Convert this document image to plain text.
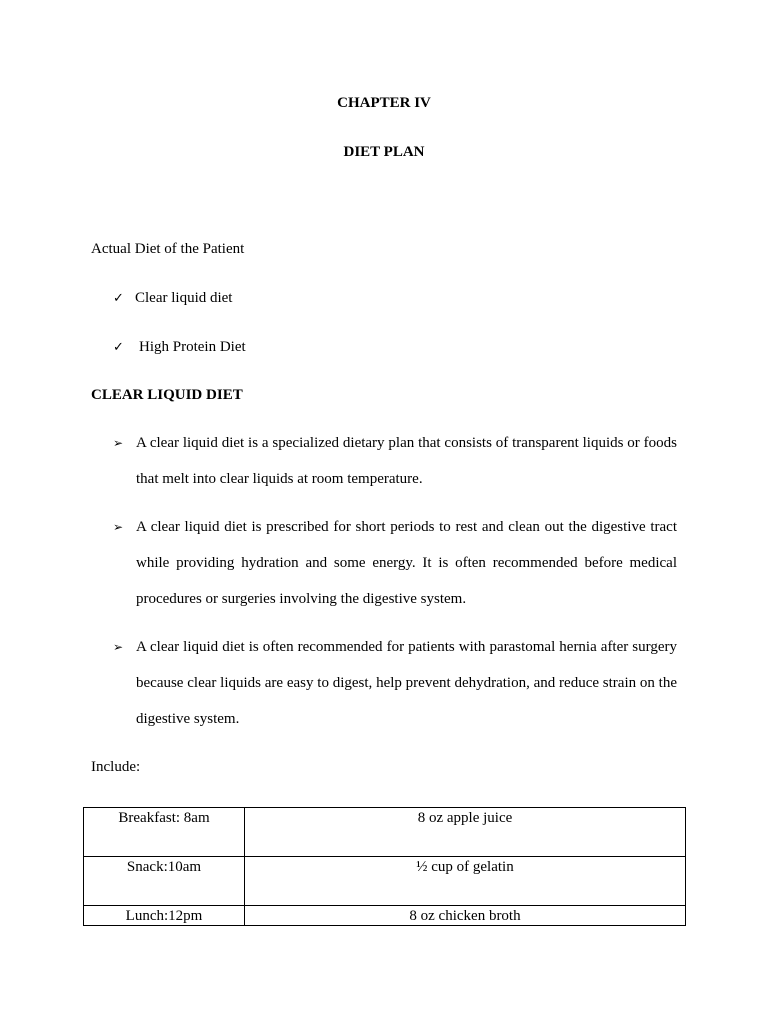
CHAPTER IV
DIET PLAN
Actual Diet of the Patient
✓ Clear liquid diet
✓ High Protein Diet
CLEAR LIQUID DIET
➢ A clear liquid diet is a specialized dietary plan that consists of transparent liquids or foods that melt into clear liquids at room temperature.
➢ A clear liquid diet is prescribed for short periods to rest and clean out the digestive tract while providing hydration and some energy. It is often recommended before medical procedures or surgeries involving the digestive system.
➢ A clear liquid diet is often recommended for patients with parastomal hernia after surgery because clear liquids are easy to digest, help prevent dehydration, and reduce strain on the digestive system.
Include:
Breakfast: 8am	8 oz apple juice
Snack:10am	½ cup of gelatin
Lunch:12pm	8 oz chicken broth
